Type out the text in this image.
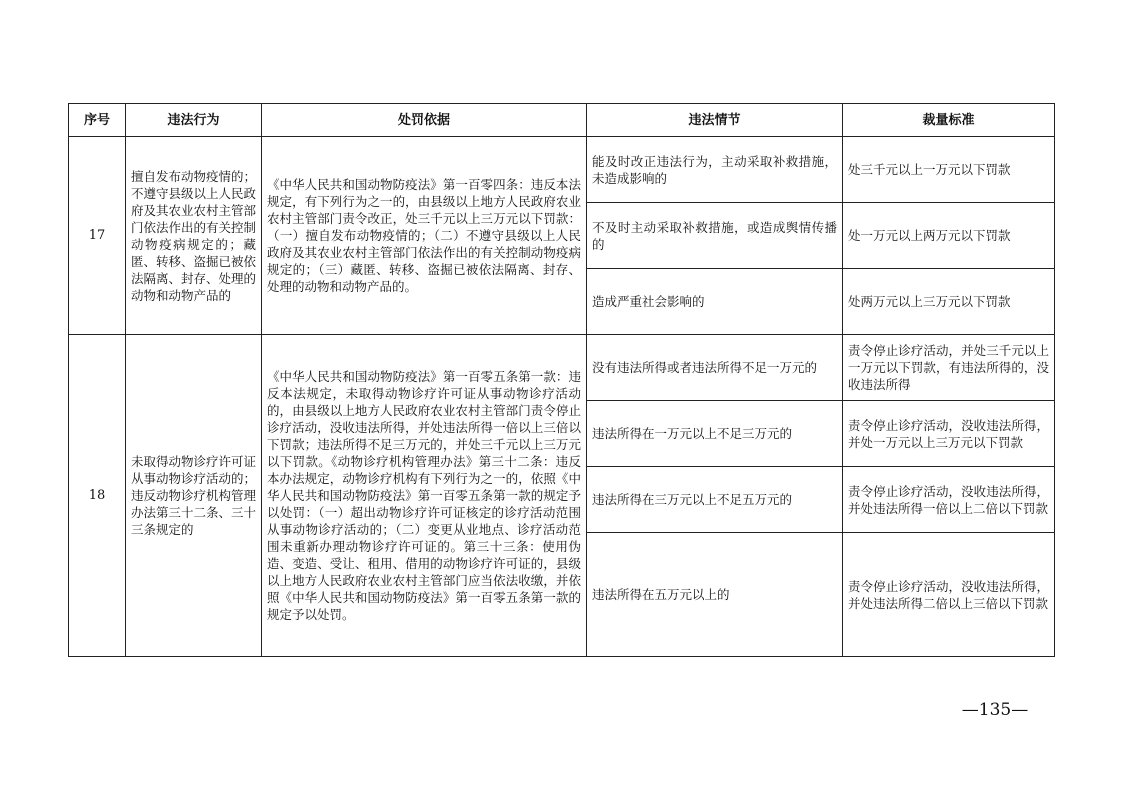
序号	违法行为	处罚依据	违法情节	裁量标准
17	擅自发布动物疫情的；不遵守县级以上人民政府及其农业农村主管部门依法作出的有关控制动物疫病规定的；藏匿、转移、盗掘已被依法隔离、封存、处理的动物和动物产品的	《中华人民共和国动物防疫法》第一百零四条：违反本法规定，有下列行为之一的，由县级以上地方人民政府农业农村主管部门责令改正，处三千元以上三万元以下罚款：（一）擅自发布动物疫情的；（二）不遵守县级以上人民政府及其农业农村主管部门依法作出的有关控制动物疫病规定的；（三）藏匿、转移、盗掘已被依法隔离、封存、处理的动物和动物产品的。	能及时改正违法行为，主动采取补救措施，未造成影响的	处三千元以上一万元以下罚款
			不及时主动采取补救措施，或造成舆情传播的	处一万元以上两万元以下罚款
			造成严重社会影响的	处两万元以上三万元以下罚款
18	未取得动物诊疗许可证从事动物诊疗活动的；违反动物诊疗机构管理办法第三十二条、三十三条规定的	《中华人民共和国动物防疫法》第一百零五条第一款：违反本法规定，未取得动物诊疗许可证从事动物诊疗活动的，由县级以上地方人民政府农业农村主管部门责令停止诊疗活动，没收违法所得，并处违法所得一倍以上三倍以下罚款；违法所得不足三万元的，并处三千元以上三万元以下罚款。《动物诊疗机构管理办法》第三十二条：违反本办法规定，动物诊疗机构有下列行为之一的，依照《中华人民共和国动物防疫法》第一百零五条第一款的规定予以处罚：（一）超出动物诊疗许可证核定的诊疗活动范围从事动物诊疗活动的；（二）变更从业地点、诊疗活动范围未重新办理动物诊疗许可证的。第三十三条：使用伪造、变造、受让、租用、借用的动物诊疗许可证的，县级以上地方人民政府农业农村主管部门应当依法收缴，并依照《中华人民共和国动物防疫法》第一百零五条第一款的规定予以处罚。	没有违法所得或者违法所得不足一万元的	责令停止诊疗活动，并处三千元以上一万元以下罚款，有违法所得的，没收违法所得
			违法所得在一万元以上不足三万元的	责令停止诊疗活动，没收违法所得，并处一万元以上三万元以下罚款
			违法所得在三万元以上不足五万元的	责令停止诊疗活动，没收违法所得，并处违法所得一倍以上二倍以下罚款
			违法所得在五万元以上的	责令停止诊疗活动，没收违法所得，并处违法所得二倍以上三倍以下罚款
—135—
